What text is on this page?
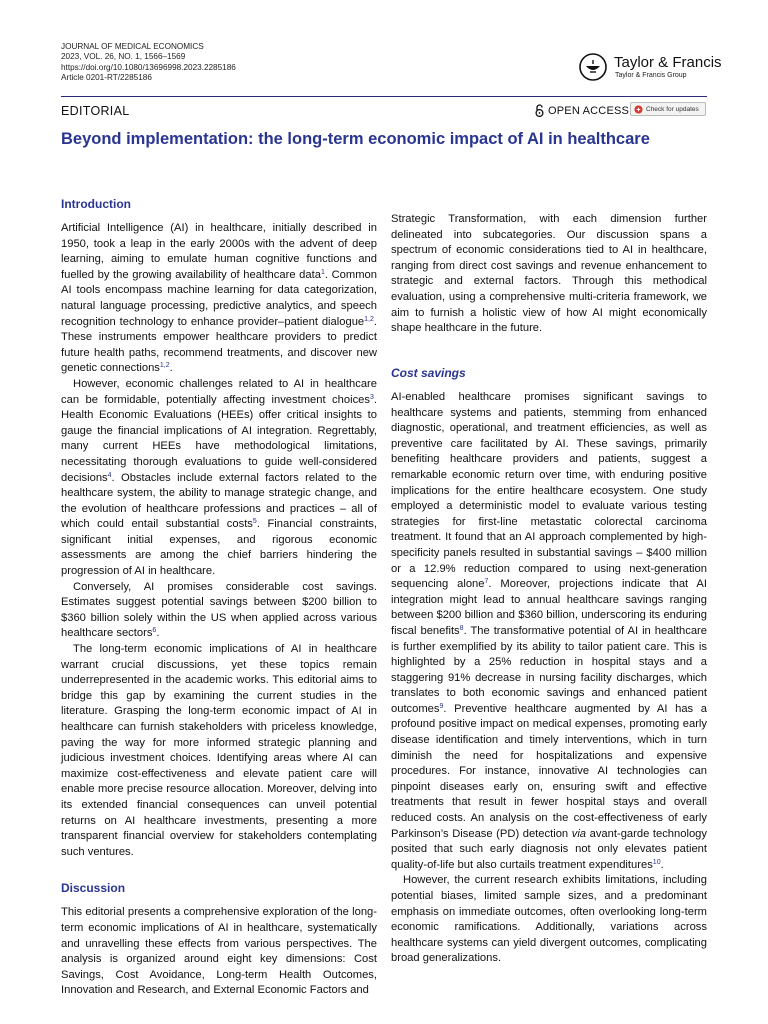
JOURNAL OF MEDICAL ECONOMICS
2023, VOL. 26, NO. 1, 1566–1569
https://doi.org/10.1080/13696998.2023.2285186
Article 0201-RT/2285186
Taylor & Francis
Taylor & Francis Group
EDITORIAL	OPEN ACCESS	Check for updates
Beyond implementation: the long-term economic impact of AI in healthcare
Introduction

Artificial Intelligence (AI) in healthcare, initially described in 1950, took a leap in the early 2000s with the advent of deep learning, aiming to emulate human cognitive functions and fuelled by the growing availability of healthcare data$^1$. Common AI tools encompass machine learning for data categorization, natural language processing, predictive analytics, and speech recognition technology to enhance provider–patient dialogue$^{1,2}$. These instruments empower healthcare providers to predict future health paths, recommend treatments, and discover new genetic connections$^{1,2}$.

However, economic challenges related to AI in healthcare can be formidable, potentially affecting investment choices$^3$. Health Economic Evaluations (HEEs) offer critical insights to gauge the financial implications of AI integration. Regrettably, many current HEEs have methodological limitations, necessitating thorough evaluations to guide well-considered decisions$^4$. Obstacles include external factors related to the healthcare system, the ability to manage strategic change, and the evolution of healthcare professions and practices – all of which could entail substantial costs$^5$. Financial constraints, significant initial expenses, and rigorous economic assessments are among the chief barriers hindering the progression of AI in healthcare.

Conversely, AI promises considerable cost savings. Estimates suggest potential savings between $200 billion to $360 billion solely within the US when applied across various healthcare sectors$^6$.

The long-term economic implications of AI in healthcare warrant crucial discussions, yet these topics remain underrepresented in the academic works. This editorial aims to bridge this gap by examining the current studies in the literature. Grasping the long-term economic impact of AI in healthcare can furnish stakeholders with priceless knowledge, paving the way for more informed strategic planning and judicious investment choices. Identifying areas where AI can maximize cost-effectiveness and elevate patient care will enable more precise resource allocation. Moreover, delving into its extended financial consequences can unveil potential returns on AI healthcare investments, presenting a more transparent financial overview for stakeholders contemplating such ventures.

Discussion

This editorial presents a comprehensive exploration of the long-term economic implications of AI in healthcare, systematically and unravelling these effects from various perspectives. The analysis is organized around eight key dimensions: Cost Savings, Cost Avoidance, Long-term Health Outcomes, Innovation and Research, and External Economic Factors and

Strategic Transformation, with each dimension further delineated into subcategories. Our discussion spans a spectrum of economic considerations tied to AI in healthcare, ranging from direct cost savings and revenue enhancement to strategic and external factors. Through this methodical evaluation, using a comprehensive multi-criteria framework, we aim to furnish a holistic view of how AI might economically shape healthcare in the future.

Cost savings

AI-enabled healthcare promises significant savings to healthcare systems and patients, stemming from enhanced diagnostic, operational, and treatment efficiencies, as well as preventive care facilitated by AI. These savings, primarily benefiting healthcare providers and patients, suggest a remarkable economic return over time, with enduring positive implications for the entire healthcare ecosystem. One study employed a deterministic model to evaluate various testing strategies for first-line metastatic colorectal carcinoma treatment. It found that an AI approach complemented by high-specificity panels resulted in substantial savings – $400 million or a 12.9% reduction compared to using next-generation sequencing alone$^7$. Moreover, projections indicate that AI integration might lead to annual healthcare savings ranging between $200 billion and $360 billion, underscoring its enduring fiscal benefits$^8$. The transformative potential of AI in healthcare is further exemplified by its ability to tailor patient care. This is highlighted by a 25% reduction in hospital stays and a staggering 91% decrease in nursing facility discharges, which translates to both economic savings and enhanced patient outcomes$^9$. Preventive healthcare augmented by AI has a profound positive impact on medical expenses, promoting early disease identification and timely interventions, which in turn diminish the need for hospitalizations and expensive procedures. For instance, innovative AI technologies can pinpoint diseases early on, ensuring swift and effective treatments that result in fewer hospital stays and overall reduced costs. An analysis on the cost-effectiveness of early Parkinson’s Disease (PD) detection via avant-garde technology posited that such early diagnosis not only elevates patient quality-of-life but also curtails treatment expenditures$^{10}$.

However, the current research exhibits limitations, including potential biases, limited sample sizes, and a predominant emphasis on immediate outcomes, often overlooking long-term economic ramifications. Additionally, variations across healthcare systems can yield divergent outcomes, complicating broad generalizations.
